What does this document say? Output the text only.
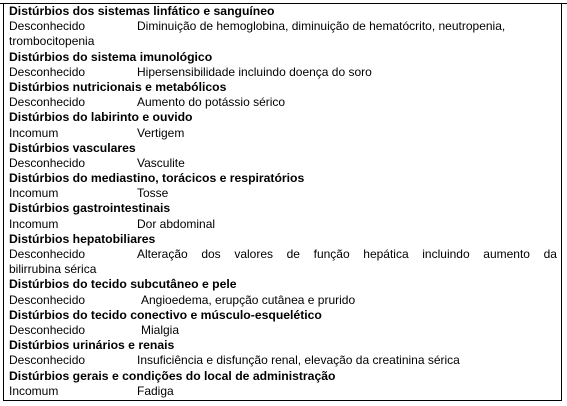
Distúrbios dos sistemas linfático e sanguíneo
Desconhecido	Diminuição de hemoglobina, diminuição de hematócrito, neutropenia,
trombocitopenia
Distúrbios do sistema imunológico
Desconhecido	Hipersensibilidade incluindo doença do soro
Distúrbios nutricionais e metabólicos
Desconhecido	Aumento do potássio sérico
Distúrbios do labirinto e ouvido
Incomum	Vertigem
Distúrbios vasculares
Desconhecido	Vasculite
Distúrbios do mediastino, torácicos e respiratórios
Incomum	Tosse
Distúrbios gastrointestinais
Incomum	Dor abdominal
Distúrbios hepatobiliares
Desconhecido	Alteração dos valores de função hepática incluindo aumento da
bilirrubina sérica
Distúrbios do tecido subcutâneo e pele
Desconhecido	Angioedema, erupção cutânea e prurido
Distúrbios do tecido conectivo e músculo-esquelético
Desconhecido	Mialgia
Distúrbios urinários e renais
Desconhecido	Insuficiência e disfunção renal, elevação da creatinina sérica
Distúrbios gerais e condições do local de administração
Incomum	Fadiga
